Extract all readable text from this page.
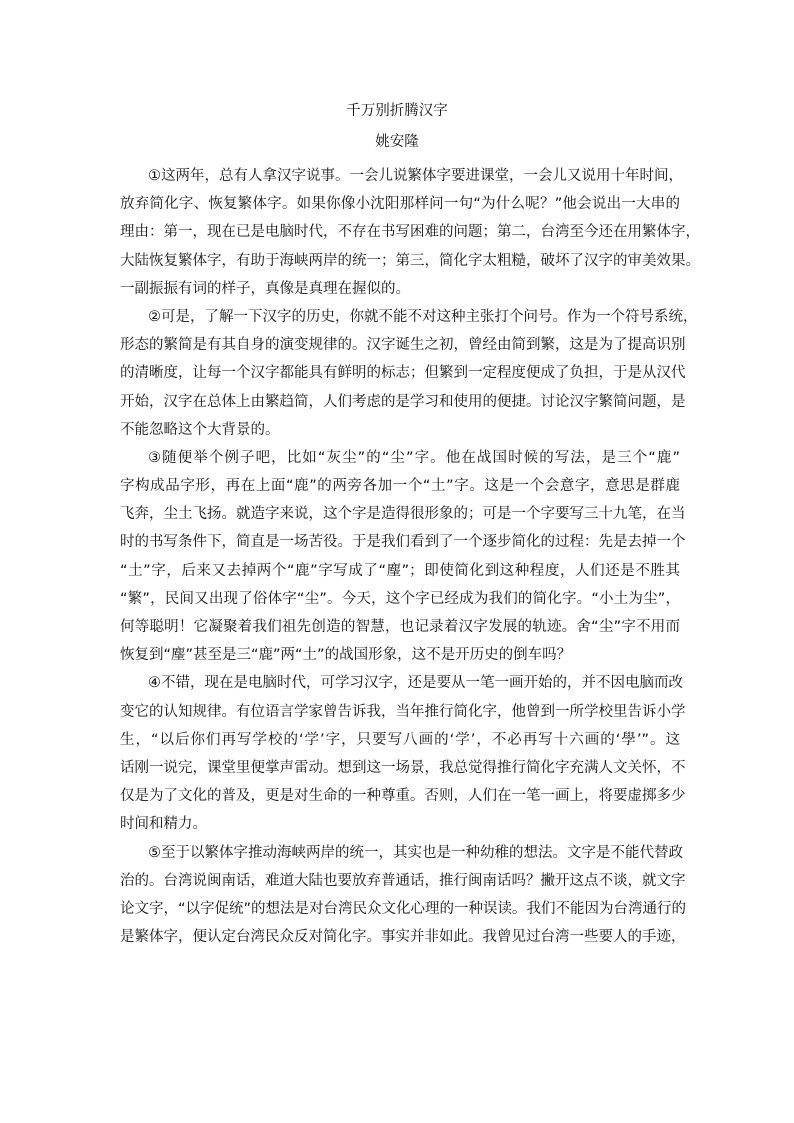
千万别折腾汉字
姚安隆
①这两年，总有人拿汉字说事。一会儿说繁体字要进课堂，一会儿又说用十年时间，
放弃简化字、恢复繁体字。如果你像小沈阳那样问一句“为什么呢？”他会说出一大串的
理由：第一，现在已是电脑时代，不存在书写困难的问题；第二，台湾至今还在用繁体字，
大陆恢复繁体字，有助于海峡两岸的统一；第三，简化字太粗糙，破坏了汉字的审美效果。
一副振振有词的样子，真像是真理在握似的。
②可是，了解一下汉字的历史，你就不能不对这种主张打个问号。作为一个符号系统，
形态的繁简是有其自身的演变规律的。汉字诞生之初，曾经由简到繁，这是为了提高识别
的清晰度，让每一个汉字都能具有鲜明的标志；但繁到一定程度便成了负担，于是从汉代
开始，汉字在总体上由繁趋简，人们考虑的是学习和使用的便捷。讨论汉字繁简问题，是
不能忽略这个大背景的。
③随便举个例子吧，比如“灰尘”的“尘”字。他在战国时候的写法，是三个“鹿”
字构成品字形，再在上面“鹿”的两旁各加一个“土”字。这是一个会意字，意思是群鹿
飞奔，尘土飞扬。就造字来说，这个字是造得很形象的；可是一个字要写三十九笔，在当
时的书写条件下，简直是一场苦役。于是我们看到了一个逐步简化的过程：先是去掉一个
“土”字，后来又去掉两个“鹿”字写成了“麈”；即使简化到这种程度，人们还是不胜其
“繁”，民间又出现了俗体字“尘”。今天，这个字已经成为我们的简化字。“小土为尘”，
何等聪明！它凝聚着我们祖先创造的智慧，也记录着汉字发展的轨迹。舍“尘”字不用而
恢复到“麈”甚至是三“鹿”两“土”的战国形象，这不是开历史的倒车吗？
④不错，现在是电脑时代，可学习汉字，还是要从一笔一画开始的，并不因电脑而改
变它的认知规律。有位语言学家曾告诉我，当年推行简化字，他曾到一所学校里告诉小学
生，“以后你们再写学校的‘学’字，只要写八画的‘学’，不必再写十六画的‘學’”。这
话刚一说完，课堂里便掌声雷动。想到这一场景，我总觉得推行简化字充满人文关怀，不
仅是为了文化的普及，更是对生命的一种尊重。否则，人们在一笔一画上，将要虚掷多少
时间和精力。
⑤至于以繁体字推动海峡两岸的统一，其实也是一种幼稚的想法。文字是不能代替政
治的。台湾说闽南话，难道大陆也要放弃普通话，推行闽南话吗？撇开这点不谈，就文字
论文字，“以字促统”的想法是对台湾民众文化心理的一种误读。我们不能因为台湾通行的
是繁体字，便认定台湾民众反对简化字。事实并非如此。我曾见过台湾一些要人的手迹，
